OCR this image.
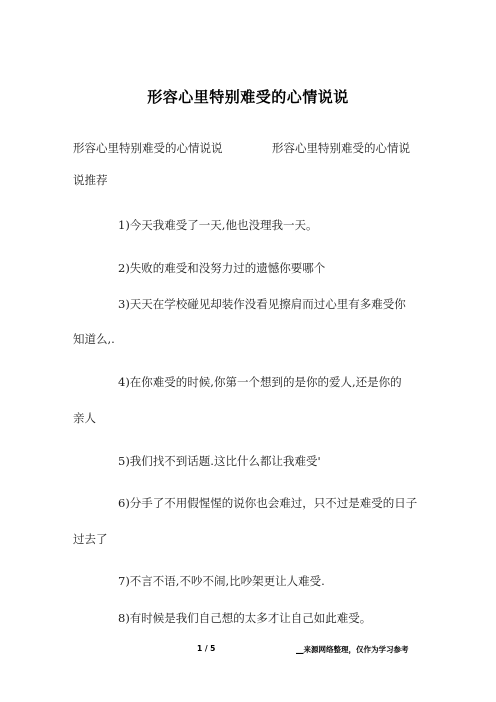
形容心里特别难受的心情说说
形容心里特别难受的心情说说	形容心里特别难受的心情说
说推荐
1)今天我难受了一天,他也没理我一天。
2)失败的难受和没努力过的遗憾你要哪个
3)天天在学校碰见却装作没看见擦肩而过心里有多难受你
知道么,.
4)在你难受的时候,你第一个想到的是你的爱人,还是你的
亲人
5)我们找不到话题.这比什么都让我难受'
6)分手了不用假惺惺的说你也会难过，只不过是难受的日子
过去了
7)不言不语,不吵不闹,比吵架更让人难受.
8)有时候是我们自己想的太多才让自己如此难受。
1 / 5	__来源网络整理，仅作为学习参考
